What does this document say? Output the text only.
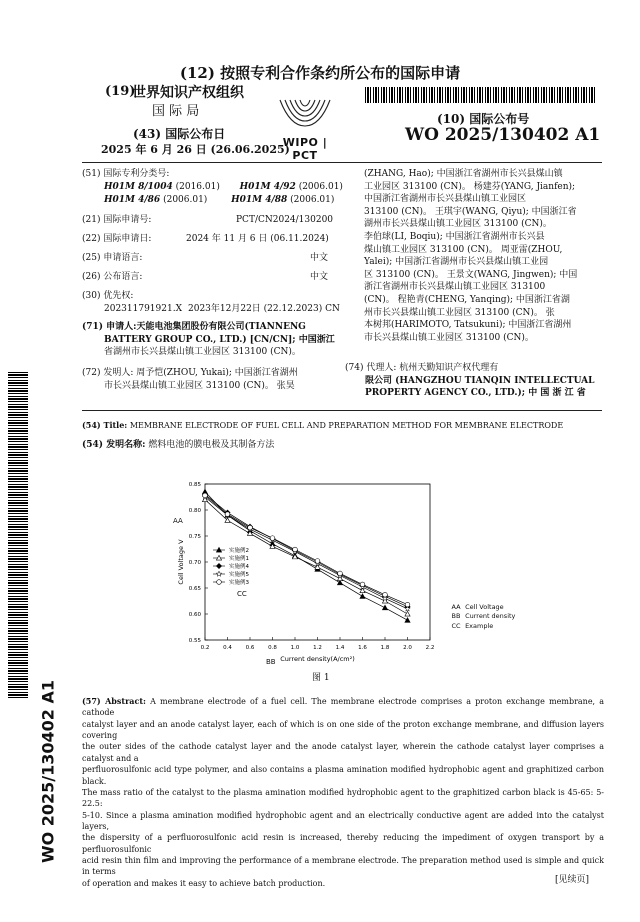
(12) 按照专利合作条约所公布的国际申请
(19)
世界知识产权组织
国 际 局
(43) 国际公布日
2025 年 6 月 26 日 (26.06.2025)
WIPO | PCT
(10) 国际公布号
WO 2025/130402 A1
WO 2025/130402 A1
(51) 国际专利分类号:
H01M 8/1004 (2016.01) H01M 4/92 (2006.01)
H01M 4/86 (2006.01)	H01M 4/88 (2006.01)
(21) 国际申请号:	PCT/CN2024/130200
(22) 国际申请日:	2024 年 11 月 6 日 (06.11.2024)
(25) 申请语言:	中文
(26) 公布语言:	中文
(30) 优先权:
202311791921.X 2023年12月22日 (22.12.2023) CN
(71) 申请人:天能电池集团股份有限公司(TIANNENG
BATTERY GROUP CO., LTD.) [CN/CN]; 中国浙江
省湖州市长兴县煤山镇工业园区 313100 (CN)。
(72) 发明人: 周予恺(ZHOU, Yukai); 中国浙江省湖州
市长兴县煤山镇工业园区 313100 (CN)。 张昊
(ZHANG, Hao); 中国浙江省湖州市长兴县煤山镇
工业园区 313100 (CN)。 杨建芬(YANG, Jianfen);
中国浙江省湖州市长兴县煤山镇工业园区
313100 (CN)。 王琪宇(WANG, Qiyu); 中国浙江省
湖州市长兴县煤山镇工业园区 313100 (CN)。
李伯球(LI, Boqiu); 中国浙江省湖州市长兴县
煤山镇工业园区 313100 (CN)。 周亚雷(ZHOU,
Yalei); 中国浙江省湖州市长兴县煤山镇工业园
区 313100 (CN)。 王景文(WANG, Jingwen); 中国
浙江省湖州市长兴县煤山镇工业园区 313100
(CN)。 程艳青(CHENG, Yanqing); 中国浙江省湖
州市长兴县煤山镇工业园区 313100 (CN)。 张
本树邦(HARIMOTO, Tatsukuni); 中国浙江省湖州
市长兴县煤山镇工业园区 313100 (CN)。
(74) 代理人: 杭州天勤知识产权代理有
限公司 (HANGZHOU TIANQIN INTELLECTUAL
PROPERTY AGENCY CO., LTD.); 中 国 浙 江 省
(54) Title: MEMBRANE ELECTRODE OF FUEL CELL AND PREPARATION METHOD FOR MEMBRANE ELECTRODE
(54) 发明名称: 燃料电池的膜电极及其制备方法
0.2	0.4	0.6	0.8	1.0	1.2	1.4	1.6	1.8	2.0	2.2
0.55
0.60
0.65
0.70
0.75
0.80
0.85
Current density(A/cm²)
Cell Voltage V	实施例2
实施例1
实施例4
实施例5
实施例3
AA
CC
BB
图 1
AA Cell Voltage
BB Current density
CC Example
(57) Abstract: A membrane electrode of a fuel cell. The membrane electrode comprises a proton exchange membrane, a cathode
catalyst layer and an anode catalyst layer, each of which is on one side of the proton exchange membrane, and diffusion layers covering
the outer sides of the cathode catalyst layer and the anode catalyst layer, wherein the cathode catalyst layer comprises a catalyst and a
perfluorosulfonic acid type polymer, and also contains a plasma amination modified hydrophobic agent and graphitized carbon black.
The mass ratio of the catalyst to the plasma amination modified hydrophobic agent to the graphitized carbon black is 45-65: 5-22.5:
5-10. Since a plasma amination modified hydrophobic agent and an electrically conductive agent are added into the catalyst layers,
the dispersity of a perfluorosulfonic acid resin is increased, thereby reducing the impediment of oxygen transport by a perfluorosulfonic
acid resin thin film and improving the performance of a membrane electrode. The preparation method used is simple and quick in terms
of operation and makes it easy to achieve batch production.	[见续页]
